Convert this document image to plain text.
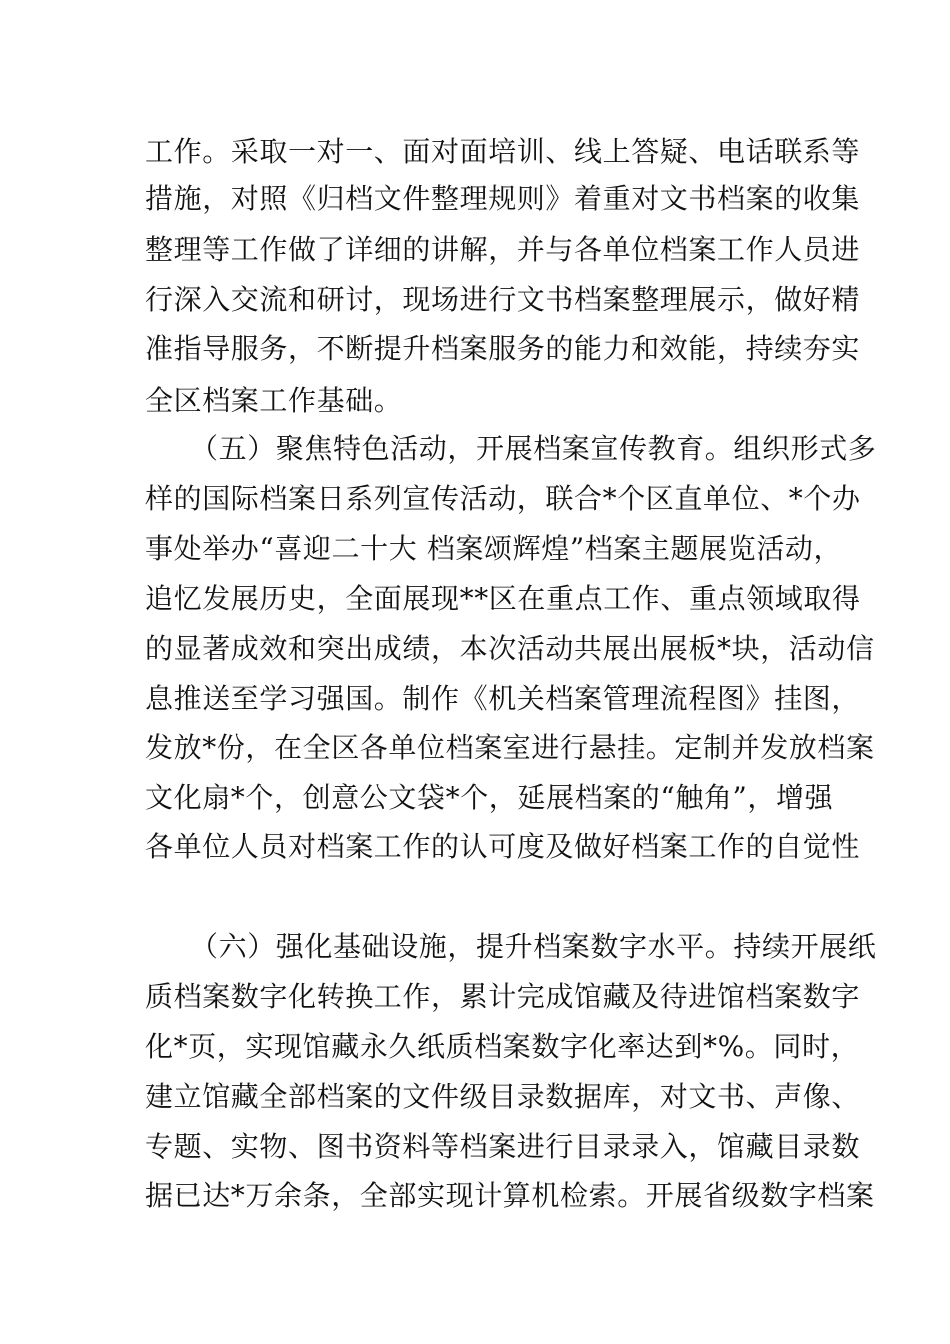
工作。采取一对一、面对面培训、线上答疑、电话联系等
措施，对照《归档文件整理规则》着重对文书档案的收集
整理等工作做了详细的讲解，并与各单位档案工作人员进
行深入交流和研讨，现场进行文书档案整理展示，做好精
准指导服务，不断提升档案服务的能力和效能，持续夯实
全区档案工作基础。
（五）聚焦特色活动，开展档案宣传教育。组织形式多
样的国际档案日系列宣传活动，联合*个区直单位、*个办
事处举办“喜迎二十大 档案颂辉煌”档案主题展览活动，
追忆发展历史，全面展现**区在重点工作、重点领域取得
的显著成效和突出成绩，本次活动共展出展板*块，活动信
息推送至学习强国。制作《机关档案管理流程图》挂图，
发放*份，在全区各单位档案室进行悬挂。定制并发放档案
文化扇*个，创意公文袋*个，延展档案的“触角”，增强
各单位人员对档案工作的认可度及做好档案工作的自觉性
（六）强化基础设施，提升档案数字水平。持续开展纸
质档案数字化转换工作，累计完成馆藏及待进馆档案数字
化*页，实现馆藏永久纸质档案数字化率达到*%。同时，
建立馆藏全部档案的文件级目录数据库，对文书、声像、
专题、实物、图书资料等档案进行目录录入，馆藏目录数
据已达*万余条，全部实现计算机检索。开展省级数字档案
